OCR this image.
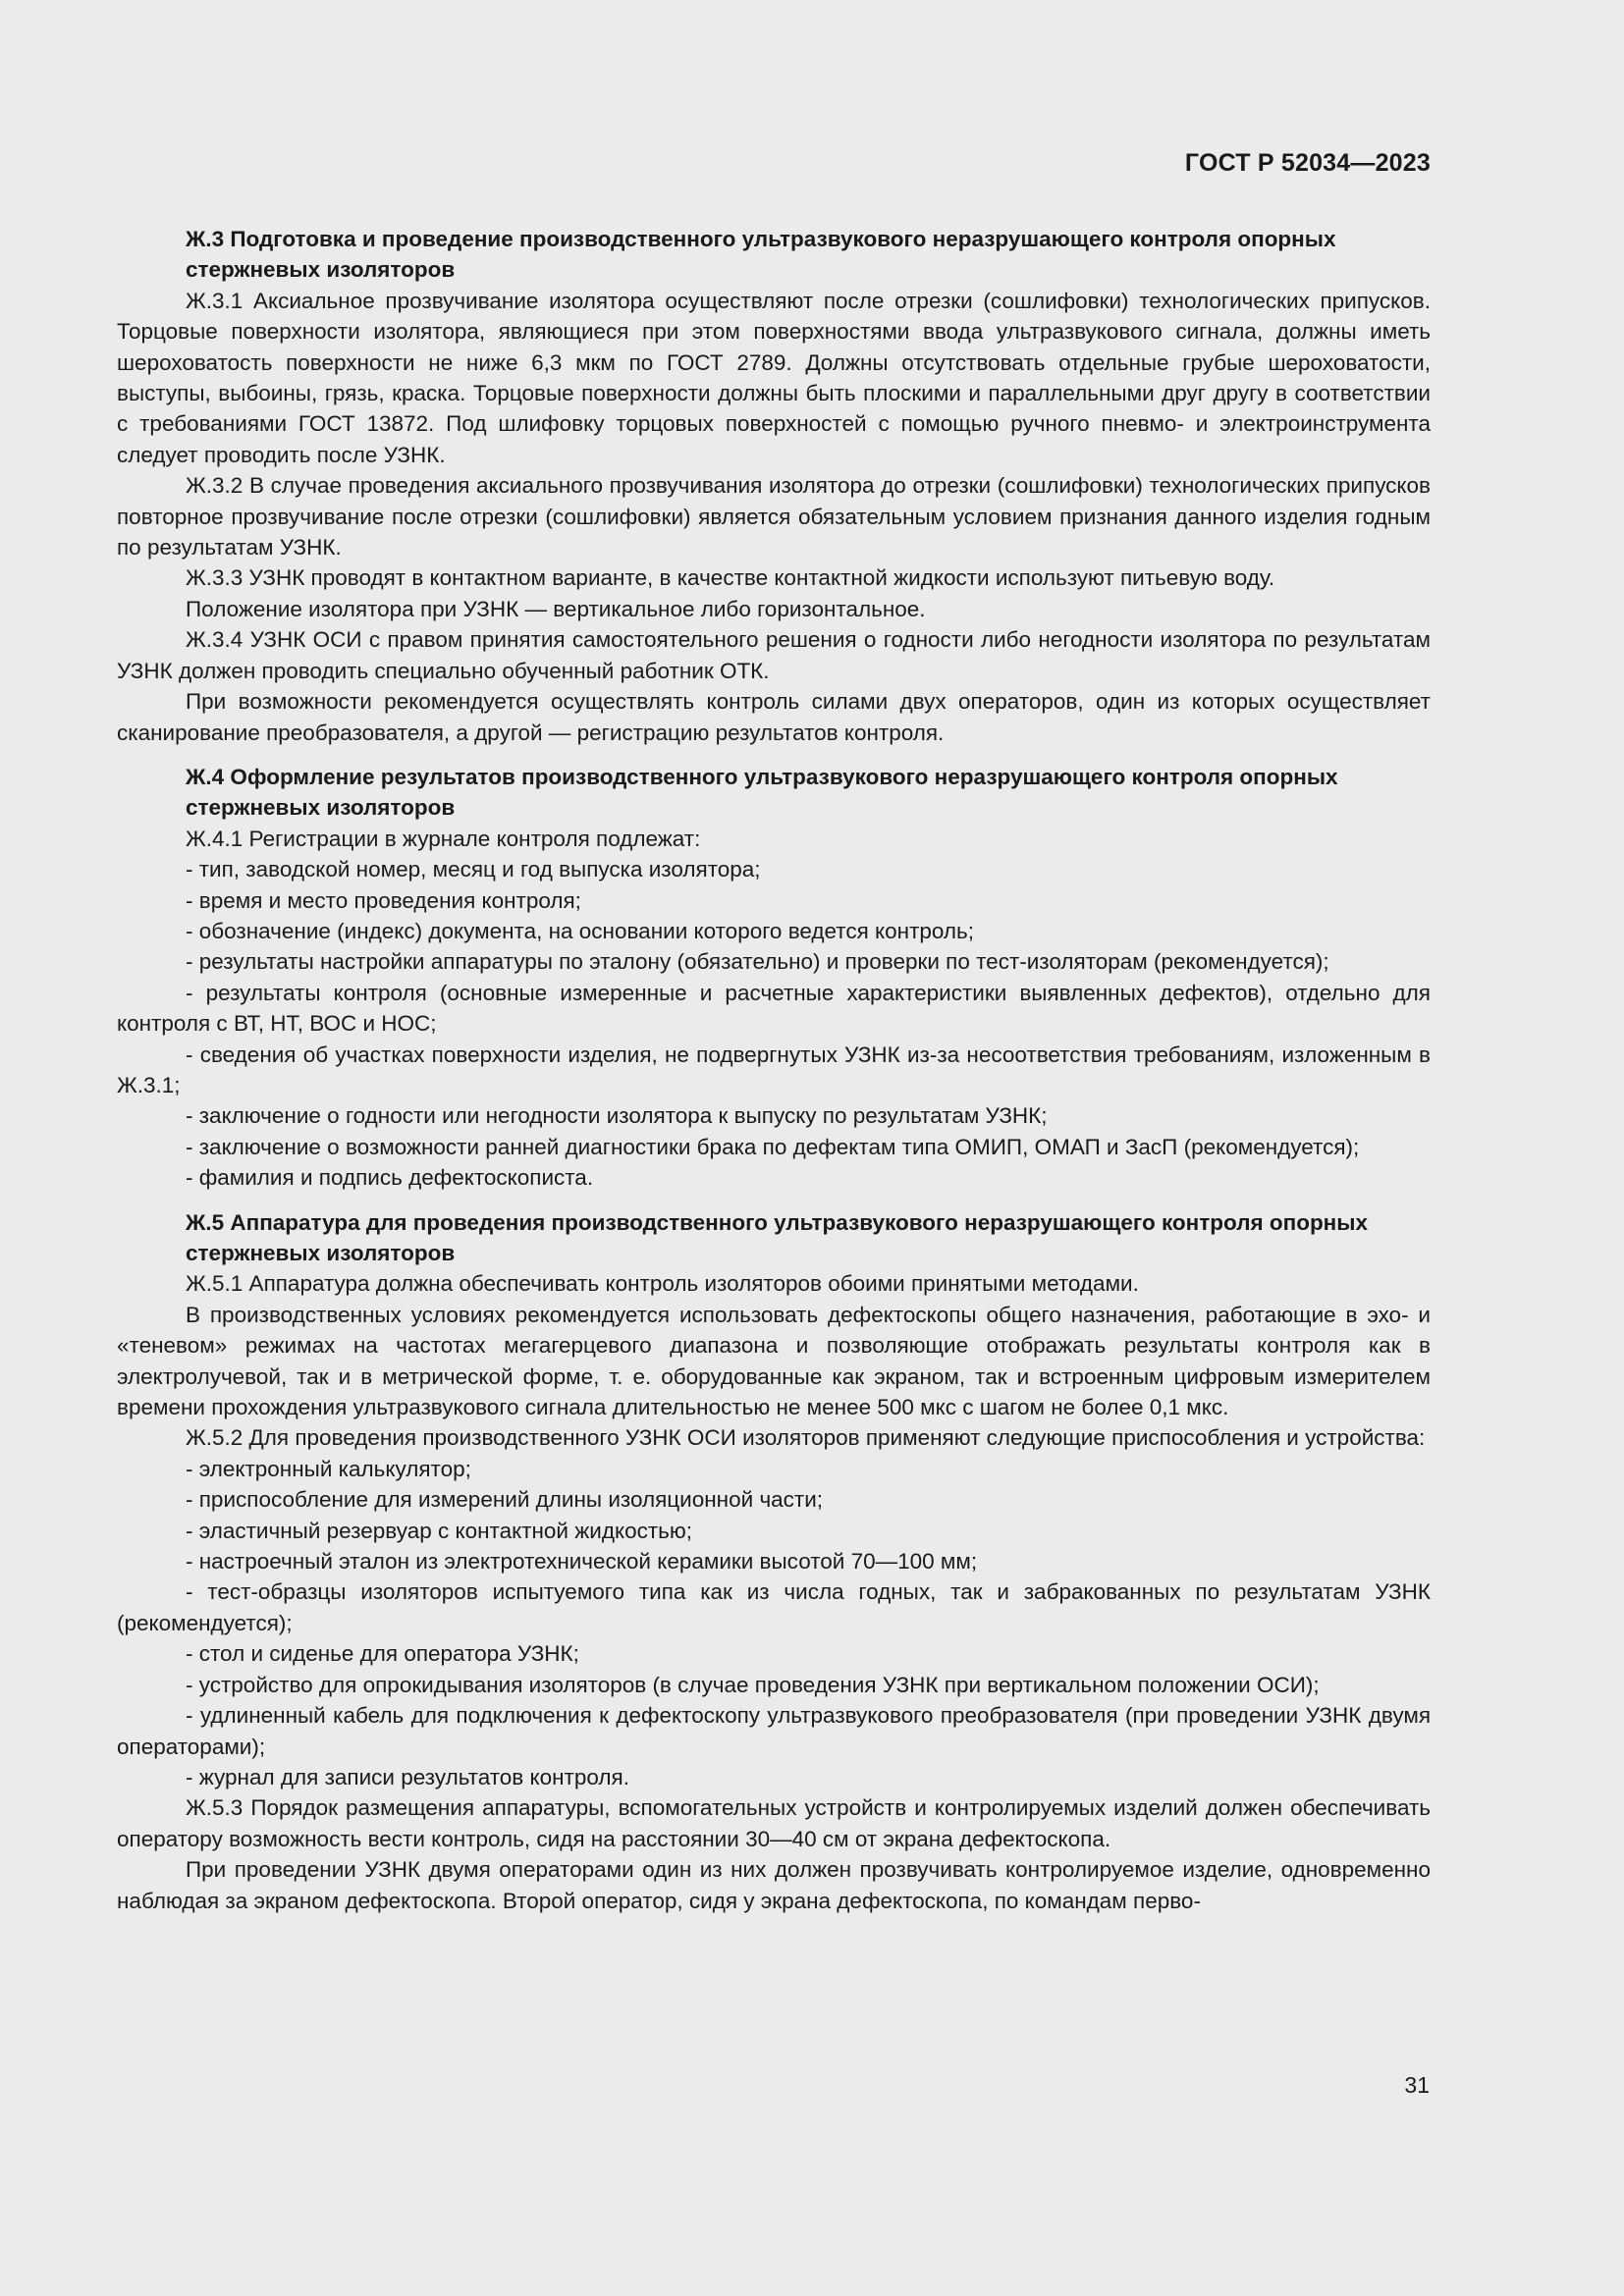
ГОСТ Р 52034—2023
Ж.3 Подготовка и проведение производственного ультразвукового неразрушающего контроля опорных стержневых изоляторов

Ж.3.1 Аксиальное прозвучивание изолятора осуществляют после отрезки (сошлифовки) технологических припусков. Торцовые поверхности изолятора, являющиеся при этом поверхностями ввода ультразвукового сигнала, должны иметь шероховатость поверхности не ниже 6,3 мкм по ГОСТ 2789. Должны отсутствовать отдельные грубые шероховатости, выступы, выбоины, грязь, краска. Торцовые поверхности должны быть плоскими и параллельными друг другу в соответствии с требованиями ГОСТ 13872. Под шлифовку торцовых поверхностей с помощью ручного пневмо- и электроинструмента следует проводить после УЗНК.

Ж.3.2 В случае проведения аксиального прозвучивания изолятора до отрезки (сошлифовки) технологических припусков повторное прозвучивание после отрезки (сошлифовки) является обязательным условием признания данного изделия годным по результатам УЗНК.

Ж.3.3 УЗНК проводят в контактном варианте, в качестве контактной жидкости используют питьевую воду.

Положение изолятора при УЗНК — вертикальное либо горизонтальное.

Ж.3.4 УЗНК ОСИ с правом принятия самостоятельного решения о годности либо негодности изолятора по результатам УЗНК должен проводить специально обученный работник ОТК.

При возможности рекомендуется осуществлять контроль силами двух операторов, один из которых осуществляет сканирование преобразователя, а другой — регистрацию результатов контроля.

Ж.4 Оформление результатов производственного ультразвукового неразрушающего контроля опорных стержневых изоляторов

Ж.4.1 Регистрации в журнале контроля подлежат:

- тип, заводской номер, месяц и год выпуска изолятора;

- время и место проведения контроля;

- обозначение (индекс) документа, на основании которого ведется контроль;

- результаты настройки аппаратуры по эталону (обязательно) и проверки по тест-изоляторам (рекомендуется);

- результаты контроля (основные измеренные и расчетные характеристики выявленных дефектов), отдельно для контроля с ВТ, НТ, ВОС и НОС;

- сведения об участках поверхности изделия, не подвергнутых УЗНК из-за несоответствия требованиям, изложенным в Ж.3.1;

- заключение о годности или негодности изолятора к выпуску по результатам УЗНК;

- заключение о возможности ранней диагностики брака по дефектам типа ОМИП, ОМАП и ЗасП (рекомендуется);

- фамилия и подпись дефектоскописта.

Ж.5 Аппаратура для проведения производственного ультразвукового неразрушающего контроля опорных стержневых изоляторов

Ж.5.1 Аппаратура должна обеспечивать контроль изоляторов обоими принятыми методами.

В производственных условиях рекомендуется использовать дефектоскопы общего назначения, работающие в эхо- и «теневом» режимах на частотах мегагерцевого диапазона и позволяющие отображать результаты контроля как в электролучевой, так и в метрической форме, т. е. оборудованные как экраном, так и встроенным цифровым измерителем времени прохождения ультразвукового сигнала длительностью не менее 500 мкс с шагом не более 0,1 мкс.

Ж.5.2 Для проведения производственного УЗНК ОСИ изоляторов применяют следующие приспособления и устройства:

- электронный калькулятор;

- приспособление для измерений длины изоляционной части;

- эластичный резервуар с контактной жидкостью;

- настроечный эталон из электротехнической керамики высотой 70—100 мм;

- тест-образцы изоляторов испытуемого типа как из числа годных, так и забракованных по результатам УЗНК (рекомендуется);

- стол и сиденье для оператора УЗНК;

- устройство для опрокидывания изоляторов (в случае проведения УЗНК при вертикальном положении ОСИ);

- удлиненный кабель для подключения к дефектоскопу ультразвукового преобразователя (при проведении УЗНК двумя операторами);

- журнал для записи результатов контроля.

Ж.5.3 Порядок размещения аппаратуры, вспомогательных устройств и контролируемых изделий должен обеспечивать оператору возможность вести контроль, сидя на расстоянии 30—40 см от экрана дефектоскопа.

При проведении УЗНК двумя операторами один из них должен прозвучивать контролируемое изделие, одновременно наблюдая за экраном дефектоскопа. Второй оператор, сидя у экрана дефектоскопа, по командам перво-

31
